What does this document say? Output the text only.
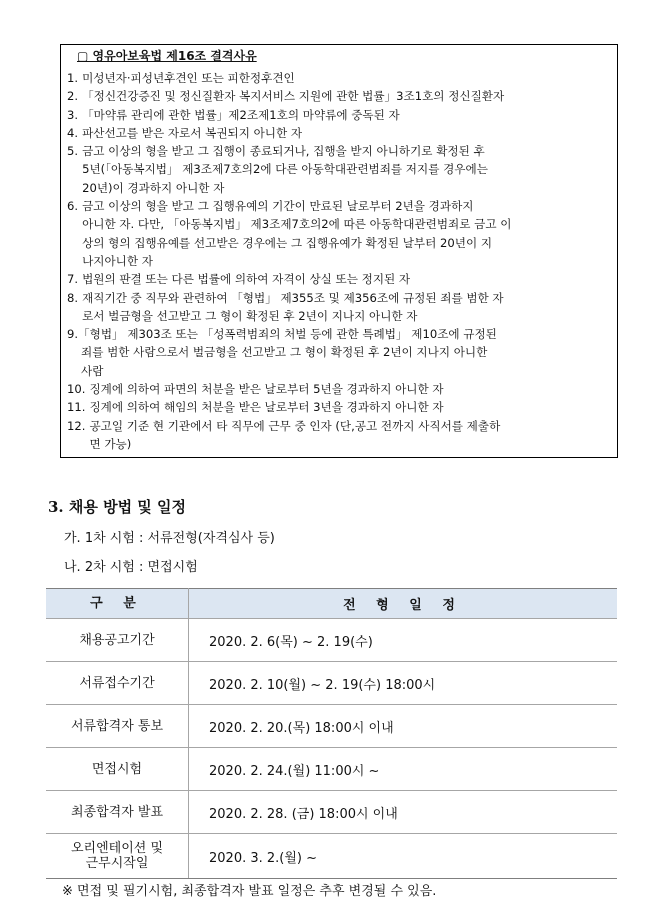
▢ 영유아보육법 제16조 결격사유
1. 미성년자·피성년후견인 또는 피한정후견인
2. 「정신건강증진 및 정신질환자 복지서비스 지원에 관한 법률」3조1호의 정신질환자
3. 「마약류 관리에 관한 법률」제2조제1호의 마약류에 중독된 자
4. 파산선고를 받은 자로서 복권되지 아니한 자
5. 금고 이상의 형을 받고 그 집행이 종료되거나, 집행을 받지 아니하기로 확정된 후
5년(「아동복지법」 제3조제7호의2에 다른 아동학대관련범죄를 저지를 경우에는
20년)이 경과하지 아니한 자
6. 금고 이상의 형을 받고 그 집행유예의 기간이 만료된 날로부터 2년을 경과하지
아니한 자. 다만, 「아동복지법」 제3조제7호의2에 따른 아동학대관련범죄로 금고 이
상의 형의 집행유예를 선고받은 경우에는 그 집행유예가 확정된 날부터 20년이 지
나지아니한 자
7. 법원의 판결 또는 다른 법률에 의하여 자격이 상실 또는 정지된 자
8. 재직기간 중 직무와 관련하여 「형법」 제355조 및 제356조에 규정된 죄를 범한 자
로서 벌금형을 선고받고 그 형이 확정된 후 2년이 지나지 아니한 자
9.「형법」 제303조 또는 「성폭력범죄의 처벌 등에 관한 특례법」 제10조에 규정된
죄를 범한 사람으로서 벌금형을 선고받고 그 형이 확정된 후 2년이 지나지 아니한
사람
10. 징계에 의하여 파면의 처분을 받은 날로부터 5년을 경과하지 아니한 자
11. 징계에 의하여 해임의 처분을 받은 날로부터 3년을 경과하지 아니한 자
12. 공고일 기준 현 기관에서 타 직무에 근무 중 인자 (단,공고 전까지 사직서를 제출하
면 가능)
3. 채용 방법 및 일정
가. 1차 시험 : 서류전형(자격심사 등)
나. 2차 시험 : 면접시험
구 분	전 형 일 정
채용공고기간	2020. 2. 6(목) ~ 2. 19(수)
서류접수기간	2020. 2. 10(월) ~ 2. 19(수) 18:00시
서류합격자 통보	2020. 2. 20.(목) 18:00시 이내
면접시험	2020. 2. 24.(월) 11:00시 ~
최종합격자 발표	2020. 2. 28. (금) 18:00시 이내
오리엔테이션 및
근무시작일	2020. 3. 2.(월) ~
※ 면접 및 필기시험, 최종합격자 발표 일정은 추후 변경될 수 있음.
